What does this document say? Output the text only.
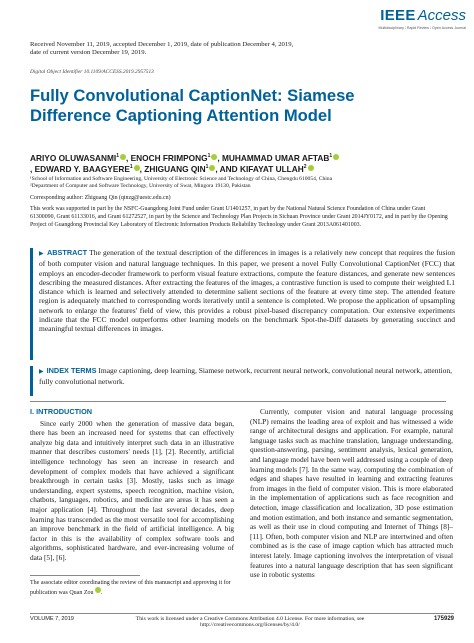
IEEE Access
Multidisciplinary ⁞ Rapid Review ⁞ Open Access Journal
Received November 11, 2019, accepted December 1, 2019, date of publication December 4, 2019,
date of current version December 19, 2019.
Digital Object Identifier 10.1109/ACCESS.2019.2957513
Fully Convolutional CaptionNet: Siamese
Difference Captioning Attention Model
ARIYO OLUWASANMI$^1$ , ENOCH FRIMPONG$^1$ , MUHAMMAD UMAR AFTAB$^1$
, EDWARD Y. BAAGYERE$^1$ , ZHIGUANG QIN$^1$ , AND KIFAYAT ULLAH$^2$
¹School of Information and Software Engineering, University of Electronic Science and Technology of China, Chengdu 610054, China
²Department of Computer and Software Technology, University of Swat, Mingora 19130, Pakistan
Corresponding author: Zhiguang Qin (qinzg@uestc.edu.cn)
This work was supported in part by the NSFC-Guangdong Joint Fund under Grant U1401257, in part by the National Natural Science Foundation of China under Grant 61300090, Grant 61133016, and Grant 61272527, in part by the Science and Technology Plan Projects in Sichuan Province under Grant 2014JY0172, and in part by the Opening Project of Guangdong Provincial Key Laboratory of Electronic Information Products Reliability Technology under Grant 2013A061401003.
▶ ABSTRACT The generation of the textual description of the differences in images is a relatively new concept that requires the fusion of both computer vision and natural language techniques. In this paper, we present a novel Fully Convolutional CaptionNet (FCC) that employs an encoder-decoder framework to perform visual feature extractions, compute the feature distances, and generate new sentences describing the measured distances. After extracting the features of the images, a contrastive function is used to compute their weighted L1 distance which is learned and selectively attended to determine salient sections of the feature at every time step. The attended feature region is adequately matched to corresponding words iteratively until a sentence is completed. We propose the application of upsampling network to enlarge the features' field of view, this provides a robust pixel-based discrepancy computation. Our extensive experiments indicate that the FCC model outperforms other learning models on the benchmark Spot-the-Diff datasets by generating succinct and meaningful textual differences in images.
▶ INDEX TERMS Image captioning, deep learning, Siamese network, recurrent neural network, convolutional neural network, attention, fully convolutional network.
I. INTRODUCTION

Since early 2000 when the generation of massive data began, there has been an increased need for systems that can effectively analyze big data and intuitively interpret such data in an illustrative manner that describes customers' needs [1], [2]. Recently, artificial intelligence technology has seen an increase in research and development of complex models that have achieved a significant breakthrough in certain tasks [3]. Mostly, tasks such as image understanding, expert systems, speech recognition, machine vision, chatbots, languages, robotics, and medicine are areas it has seen a major application [4]. Throughout the last several decades, deep learning has transcended as the most versatile tool for accomplishing an improve benchmark in the field of artificial intelligence. A big factor in this is the availability of complex software tools and algorithms, sophisticated hardware, and ever-increasing volume of data [5], [6].

Currently, computer vision and natural language processing (NLP) remains the leading area of exploit and has witnessed a wide range of architectural designs and application. For example, natural language tasks such as machine translation, language understanding, question-answering, parsing, sentiment analysis, lexical generation, and language model have been well addressed using a couple of deep learning models [7]. In the same way, computing the combination of edges and shapes have resulted in learning and extracting features from images in the field of computer vision. This is more elaborated in the implementation of applications such as face recognition and detection, image classification and localization, 3D pose estimation and motion estimation, and both instance and semantic segmentation, as well as their use in cloud computing and Internet of Things [8]–[11]. Often, both computer vision and NLP are intertwined and often combined as is the case of image caption which has attracted much interest lately. Image captioning involves the interpretation of visual features into a natural language description that has seen significant use in robotic systems

The associate editor coordinating the review of this manuscript and approving it for publication was Quan Zou .
VOLUME 7, 2019	This work is licensed under a Creative Commons Attribution 4.0 License. For more information, see http://creativecommons.org/licenses/by/4.0/
175929
